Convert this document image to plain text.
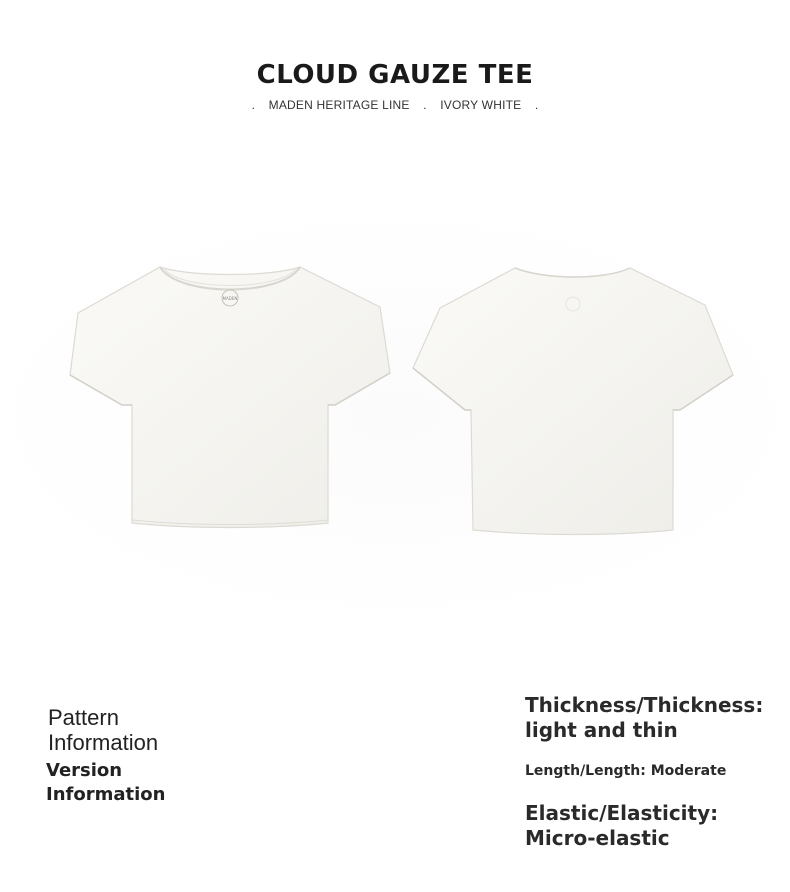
CLOUD GAUZE TEE
. MADEN HERITAGE LINE . IVORY WHITE .
MADEN
Pattern Information
Version Information
Thickness/Thickness: light and thin
Length/Length: Moderate
Elastic/Elasticity: Micro-elastic
